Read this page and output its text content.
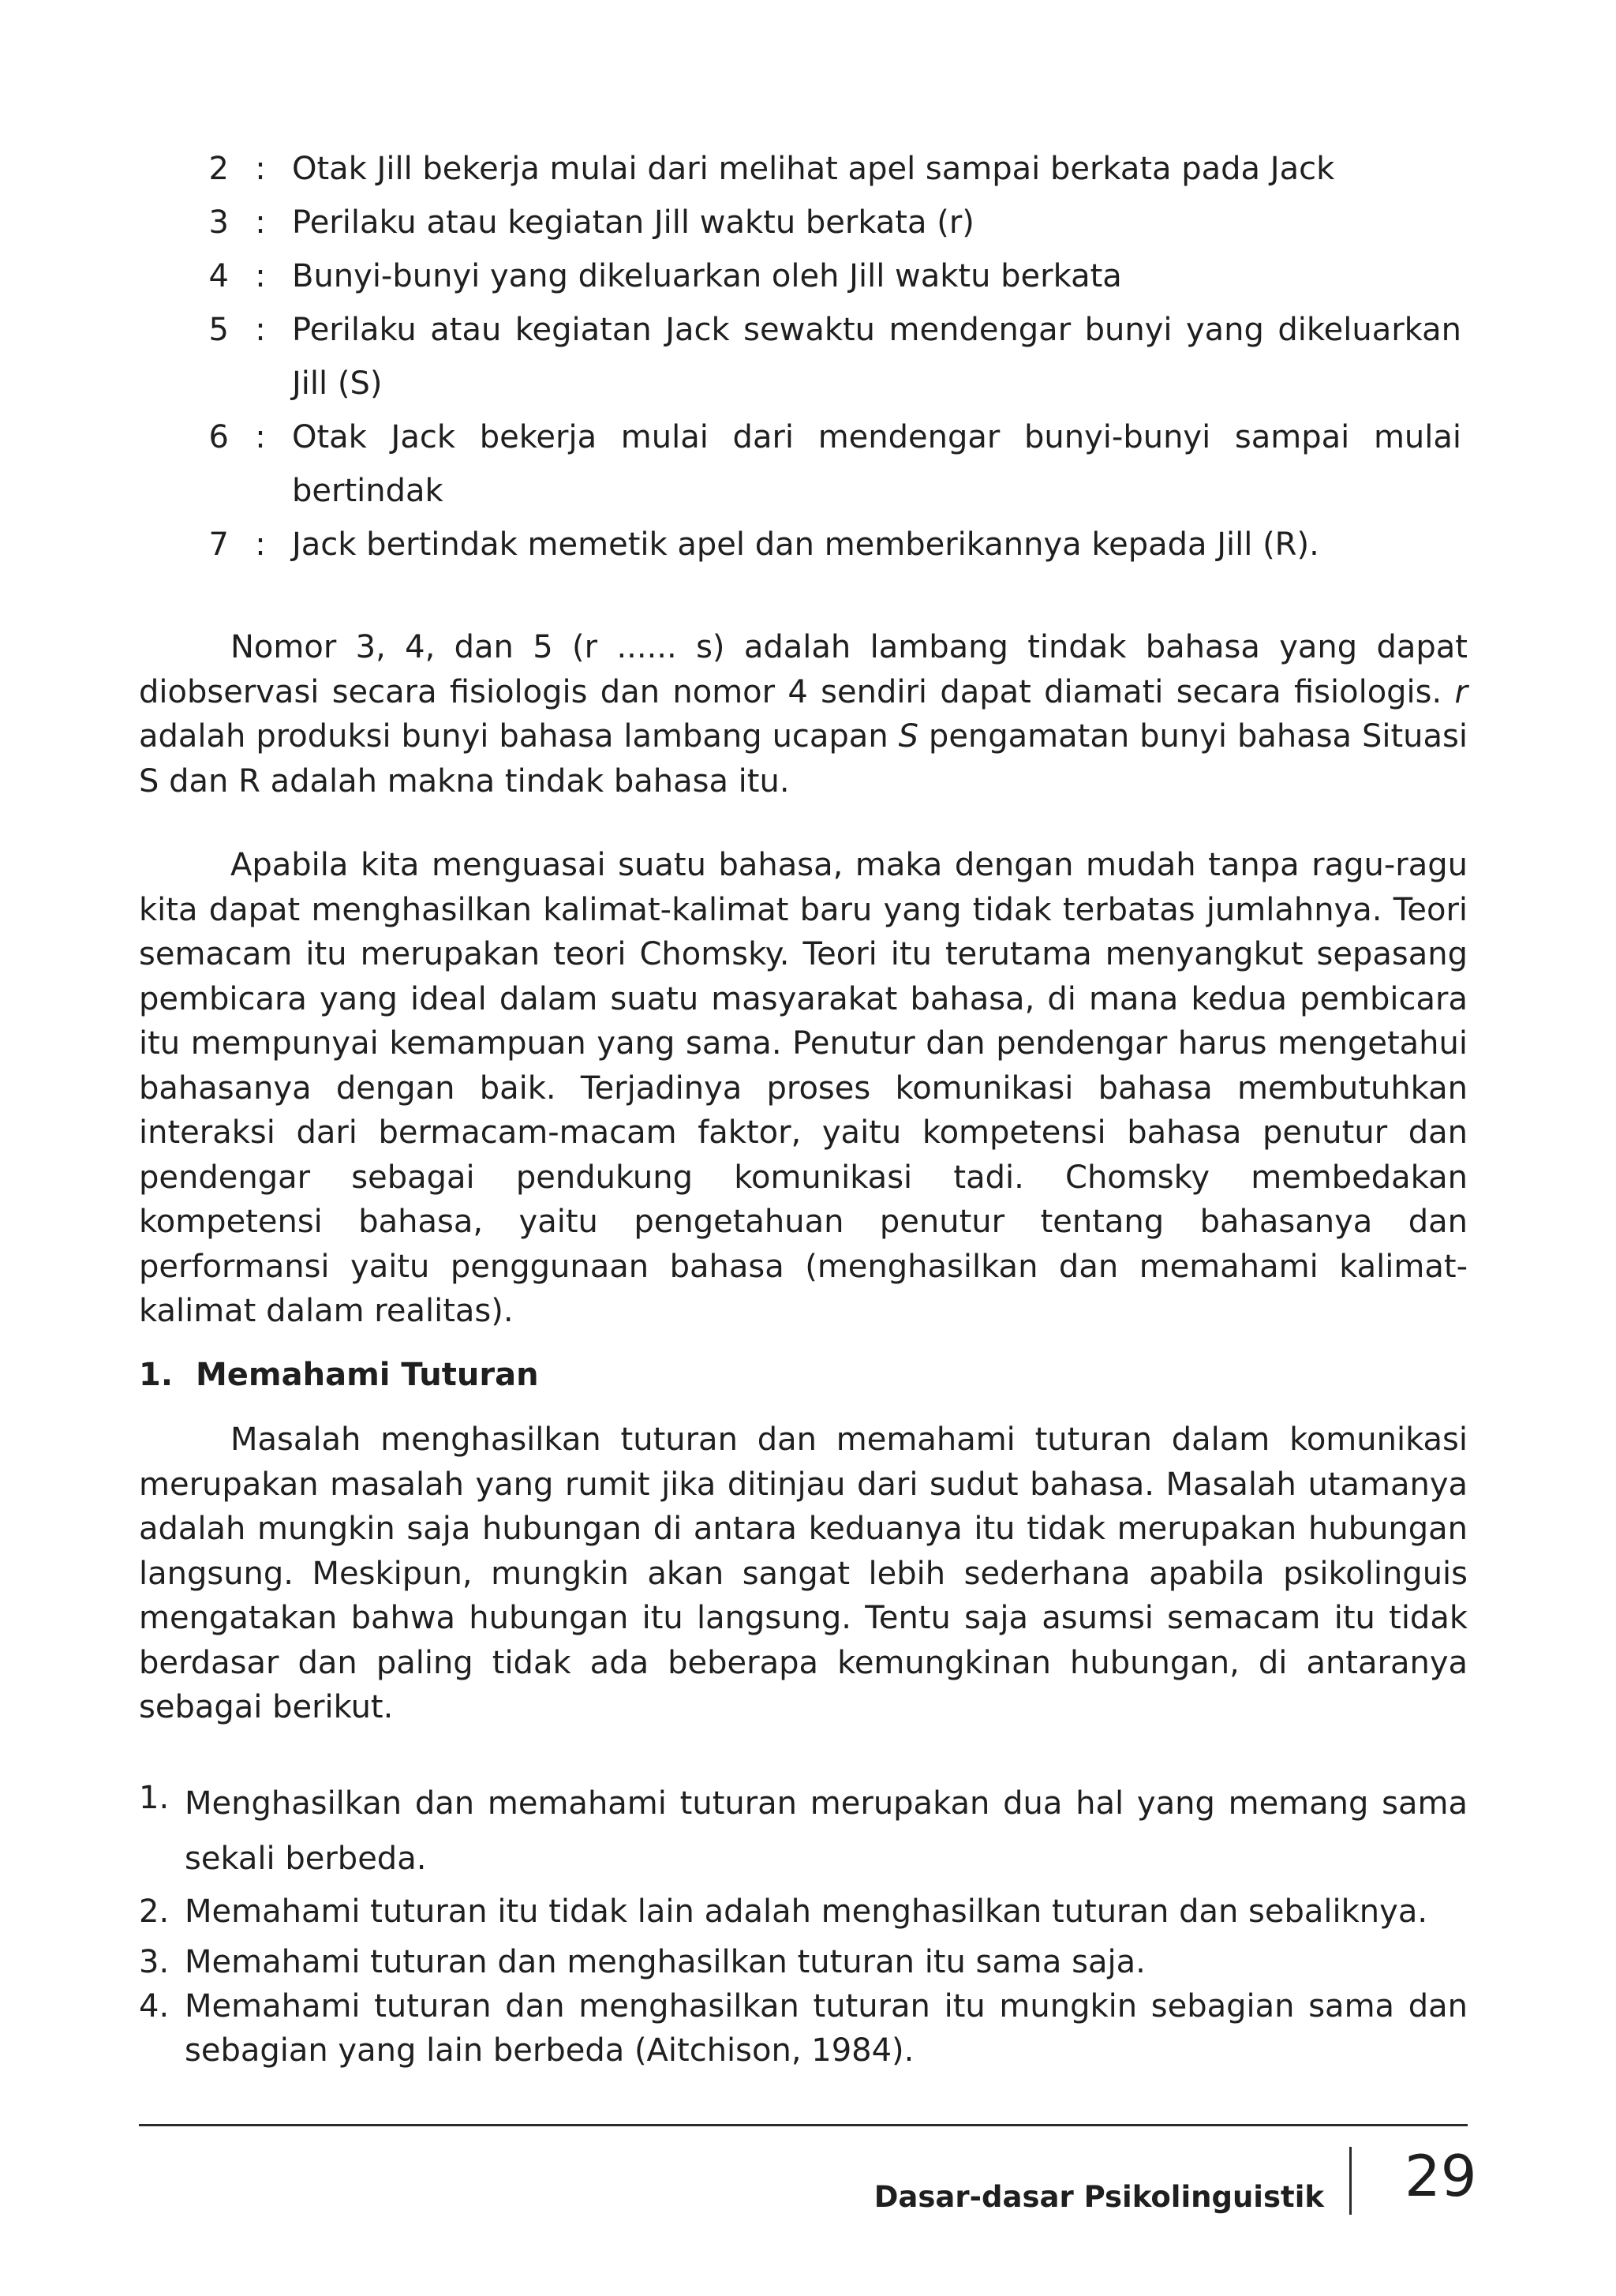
2 : Otak Jill bekerja mulai dari melihat apel sampai berkata pada Jack
3 : Perilaku atau kegiatan Jill waktu berkata (r)
4 : Bunyi-bunyi yang dikeluarkan oleh Jill waktu berkata
5 : Perilaku atau kegiatan Jack sewaktu mendengar bunyi yang dikeluarkan Jill (S)
6 : Otak Jack bekerja mulai dari mendengar bunyi-bunyi sampai mulai bertindak
7 : Jack bertindak memetik apel dan memberikannya kepada Jill (R).

Nomor 3, 4, dan 5 (r ...... s) adalah lambang tindak bahasa yang dapat diobservasi secara fisiologis dan nomor 4 sendiri dapat diamati secara fisiologis. r adalah produksi bunyi bahasa lambang ucapan S pengamatan bunyi bahasa Situasi S dan R adalah makna tindak bahasa itu.

Apabila kita menguasai suatu bahasa, maka dengan mudah tanpa ragu-ragu kita dapat menghasilkan kalimat-kalimat baru yang tidak terbatas jumlahnya. Teori semacam itu merupakan teori Chomsky. Teori itu terutama menyangkut sepasang pembicara yang ideal dalam suatu masyarakat bahasa, di mana kedua pembicara itu mempunyai kemampuan yang sama. Penutur dan pendengar harus mengetahui bahasanya dengan baik. Terjadinya proses komunikasi bahasa membutuhkan interaksi dari bermacam-macam faktor, yaitu kompetensi bahasa penutur dan pendengar sebagai pendukung komunikasi tadi. Chomsky membedakan kompetensi bahasa, yaitu pengetahuan penutur tentang bahasanya dan performansi yaitu penggunaan bahasa (menghasilkan dan memahami kalimat-kalimat dalam realitas).

1. Memahami Tuturan

Masalah menghasilkan tuturan dan memahami tuturan dalam komunikasi merupakan masalah yang rumit jika ditinjau dari sudut bahasa. Masalah utamanya adalah mungkin saja hubungan di antara keduanya itu tidak merupakan hubungan langsung. Meskipun, mungkin akan sangat lebih sederhana apabila psikolinguis mengatakan bahwa hubungan itu langsung. Tentu saja asumsi semacam itu tidak berdasar dan paling tidak ada beberapa kemungkinan hubungan, di antaranya sebagai berikut.

1. Menghasilkan dan memahami tuturan merupakan dua hal yang memang sama sekali berbeda.
2. Memahami tuturan itu tidak lain adalah menghasilkan tuturan dan sebaliknya.
3. Memahami tuturan dan menghasilkan tuturan itu sama saja.
4. Memahami tuturan dan menghasilkan tuturan itu mungkin sebagian sama dan sebagian yang lain berbeda (Aitchison, 1984).
Dasar-dasar Psikolinguistik 29
